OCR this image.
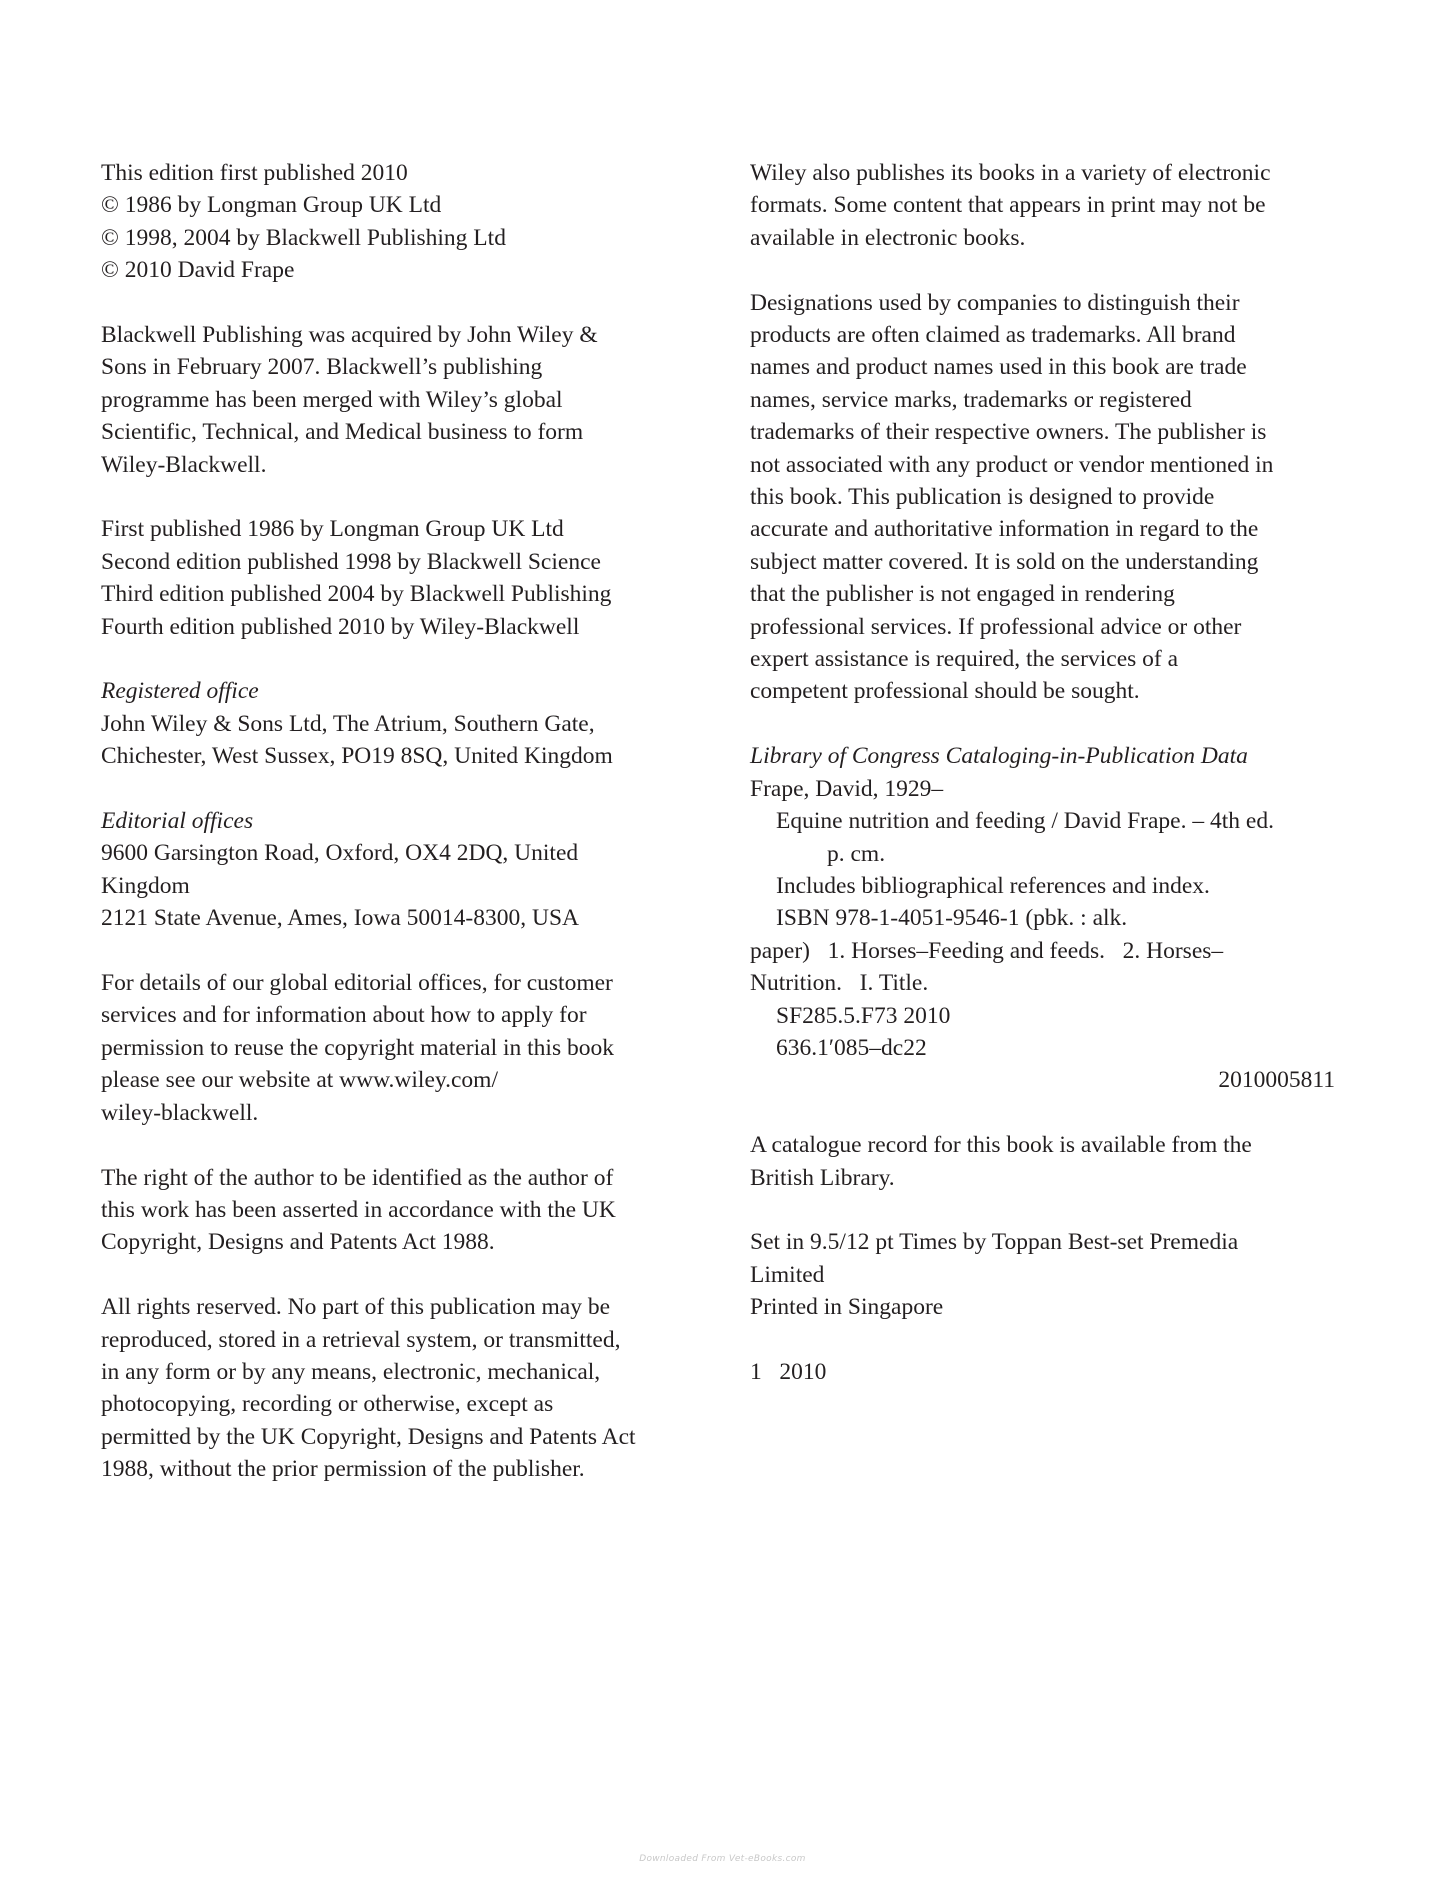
This edition first published 2010
© 1986 by Longman Group UK Ltd
© 1998, 2004 by Blackwell Publishing Ltd
© 2010 David Frape
Blackwell Publishing was acquired by John Wiley &
Sons in February 2007. Blackwell’s publishing
programme has been merged with Wiley’s global
Scientific, Technical, and Medical business to form
Wiley-Blackwell.
First published 1986 by Longman Group UK Ltd
Second edition published 1998 by Blackwell Science
Third edition published 2004 by Blackwell Publishing
Fourth edition published 2010 by Wiley-Blackwell
Registered office
John Wiley & Sons Ltd, The Atrium, Southern Gate,
Chichester, West Sussex, PO19 8SQ, United Kingdom
Editorial offices
9600 Garsington Road, Oxford, OX4 2DQ, United
Kingdom
2121 State Avenue, Ames, Iowa 50014-8300, USA
For details of our global editorial offices, for customer
services and for information about how to apply for
permission to reuse the copyright material in this book
please see our website at www.wiley.com/
wiley-blackwell.
The right of the author to be identified as the author of
this work has been asserted in accordance with the UK
Copyright, Designs and Patents Act 1988.
All rights reserved. No part of this publication may be
reproduced, stored in a retrieval system, or transmitted,
in any form or by any means, electronic, mechanical,
photocopying, recording or otherwise, except as
permitted by the UK Copyright, Designs and Patents Act
1988, without the prior permission of the publisher.
Wiley also publishes its books in a variety of electronic
formats. Some content that appears in print may not be
available in electronic books.
Designations used by companies to distinguish their
products are often claimed as trademarks. All brand
names and product names used in this book are trade
names, service marks, trademarks or registered
trademarks of their respective owners. The publisher is
not associated with any product or vendor mentioned in
this book. This publication is designed to provide
accurate and authoritative information in regard to the
subject matter covered. It is sold on the understanding
that the publisher is not engaged in rendering
professional services. If professional advice or other
expert assistance is required, the services of a
competent professional should be sought.
Library of Congress Cataloging-in-Publication Data
Frape, David, 1929–
Equine nutrition and feeding / David Frape. – 4th ed.
p. cm.
Includes bibliographical references and index.
ISBN 978-1-4051-9546-1 (pbk. : alk.
paper)   1. Horses–Feeding and feeds.   2. Horses–
Nutrition.   I. Title.
SF285.5.F73 2010
636.1′085–dc22
2010005811
A catalogue record for this book is available from the
British Library.
Set in 9.5/12 pt Times by Toppan Best-set Premedia
Limited
Printed in Singapore
1   2010
Downloaded From Vet-eBooks.com
